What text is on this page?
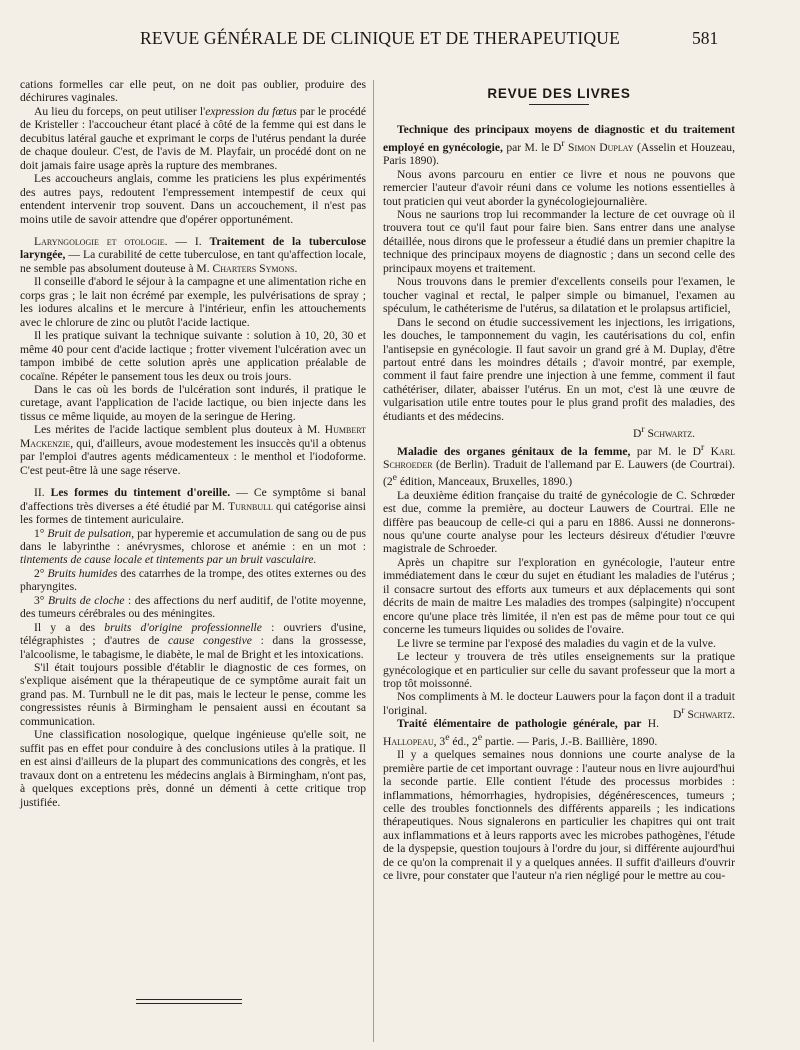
REVUE GÉNÉRALE DE CLINIQUE ET DE THERAPEUTIQUE	581

cations formelles car elle peut, on ne doit pas oublier, produire des déchirures vaginales.

Au lieu du forceps, on peut utiliser l'expression du fœtus par le procédé de Kristeller : l'accoucheur étant placé à côté de la femme qui est dans le decubitus latéral gauche et exprimant le corps de l'utérus pendant la durée de chaque douleur. C'est, de l'avis de M. Playfair, un procédé dont on ne doit jamais faire usage après la rupture des membranes.

Les accoucheurs anglais, comme les praticiens les plus expérimentés des autres pays, redoutent l'empressement intempestif de ceux qui entendent intervenir trop souvent. Dans un accouchement, il n'est pas moins utile de savoir attendre que d'opérer opportunément.

Laryngologie et otologie. — I. Traitement de la tuberculose laryngée, — La curabilité de cette tuberculose, en tant qu'affection locale, ne semble pas absolument douteuse à M. Charters Symons.

Il conseille d'abord le séjour à la campagne et une alimentation riche en corps gras ; le lait non écrémé par exemple, les pulvérisations de spray ; les iodures alcalins et le mercure à l'intérieur, enfin les attouchements avec le chlorure de zinc ou plutôt l'acide lactique.

Il les pratique suivant la technique suivante : solution à 10, 20, 30 et même 40 pour cent d'acide lactique ; frotter vivement l'ulcération avec un tampon imbibé de cette solution après une application préalable de cocaïne. Répéter le pansement tous les deux ou trois jours.

Dans le cas où les bords de l'ulcération sont indurés, il pratique le curetage, avant l'application de l'acide lactique, ou bien injecte dans les tissus ce même liquide, au moyen de la seringue de Hering.

Les mérites de l'acide lactique semblent plus douteux à M. Humbert Mackenzie, qui, d'ailleurs, avoue modestement les insuccès qu'il a obtenus par l'emploi d'autres agents médicamenteux : le menthol et l'iodoforme. C'est peut-être là une sage réserve.

II. Les formes du tintement d'oreille. — Ce symptôme si banal d'affections très diverses a été étudié par M. Turnbull qui catégorise ainsi les formes de tintement auriculaire.

1° Bruit de pulsation, par hyperemie et accumulation de sang ou de pus dans le labyrinthe : anévrysmes, chlorose et anémie : en un mot : tintements de cause locale et tintements par un bruit vasculaire.

2° Bruits humides des catarrhes de la trompe, des otites externes ou des pharyngites.

3° Bruits de cloche : des affections du nerf auditif, de l'otite moyenne, des tumeurs cérébrales ou des méningites.

Il y a des bruits d'origine professionnelle : ouvriers d'usine, télégraphistes ; d'autres de cause congestive : dans la grossesse, l'alcoolisme, le tabagisme, le diabète, le mal de Bright et les intoxications.

S'il était toujours possible d'établir le diagnostic de ces formes, on s'explique aisément que la thérapeutique de ce symptôme aurait fait un grand pas. M. Turnbull ne le dit pas, mais le lecteur le pense, comme les congressistes réunis à Birmingham le pensaient aussi en écoutant sa communication.

Une classification nosologique, quelque ingénieuse qu'elle soit, ne suffit pas en effet pour conduire à des conclusions utiles à la pratique. Il en est ainsi d'ailleurs de la plupart des communications des congrès, et les travaux dont on a entretenu les médecins anglais à Birmingham, n'ont pas, à quelques exceptions près, donné un démenti à cette critique trop justifiée.

REVUE DES LIVRES

Technique des principaux moyens de diagnostic et du traitement employé en gynécologie, par M. le $D^r$ Simon Duplay (Asselin et Houzeau, Paris 1890).

Nous avons parcouru en entier ce livre et nous ne pouvons que remercier l'auteur d'avoir réuni dans ce volume les notions essentielles à tout praticien qui veut aborder la gynécologiejournalière.

Nous ne saurions trop lui recommander la lecture de cet ouvrage où il trouvera tout ce qu'il faut pour faire bien. Sans entrer dans une analyse détaillée, nous dirons que le professeur a étudié dans un premier chapitre la technique des principaux moyens de diagnostic ; dans un second celle des principaux moyens et traitement.

Nous trouvons dans le premier d'excellents conseils pour l'examen, le toucher vaginal et rectal, le palper simple ou bimanuel, l'examen au spéculum, le cathéterisme de l'utérus, sa dilatation et le prolapsus artificiel,

Dans le second on étudie successivement les injections, les irrigations, les douches, le tamponnement du vagin, les cautérisations du col, enfin l'antisepsie en gynécologie. Il faut savoir un grand gré à M. Duplay, d'être partout entré dans les moindres détails ; d'avoir montré, par exemple, comment il faut faire prendre une injection à une femme, comment il faut cathétériser, dilater, abaisser l'utérus. En un mot, c'est là une œuvre de vulgarisation utile entre toutes pour le plus grand profit des maladies, des étudiants et des médecins.

$D^r$ Schwartz.

Maladie des organes génitaux de la femme, par M. le $D^r$ Karl Schroeder (de Berlin). Traduit de l'allemand par E. Lauwers (de Courtrai). (2e édition, Manceaux, Bruxelles, 1890.)

La deuxième édition française du traité de gynécologie de C. Schrœder est due, comme la première, au docteur Lauwers de Courtrai. Elle ne diffère pas beaucoup de celle-ci qui a paru en 1886. Aussi ne donnerons-nous qu'une courte analyse pour les lecteurs désireux d'étudier l'œuvre magistrale de Schroeder.

Après un chapitre sur l'exploration en gynécologie, l'auteur entre immédiatement dans le cœur du sujet en étudiant les maladies de l'utérus ; il consacre surtout des efforts aux tumeurs et aux déplacements qui sont décrits de main de maitre Les maladies des trompes (salpingite) n'occupent encore qu'une place très limitée, il n'en est pas de même pour tout ce qui concerne les tumeurs liquides ou solides de l'ovaire.

Le livre se termine par l'exposé des maladies du vagin et de la vulve.

Le lecteur y trouvera de très utiles enseignements sur la pratique gynécologique et en particulier sur celle du savant professeur que la mort a trop tôt moissonné.

Nos compliments à M. le docteur Lauwers pour la façon dont il a traduit l'original.	$D^r$ Schwartz.

Traité élémentaire de pathologie générale, par H. Hallopeau, 3e éd., 2e partie. — Paris, J.-B. Baillière, 1890.

Il y a quelques semaines nous donnions une courte analyse de la première partie de cet important ouvrage : l'auteur nous en livre aujourd'hui la seconde partie. Elle contient l'étude des processus morbides : inflammations, hémorrhagies, hydropisies, dégénérescences, tumeurs ; celle des troubles fonctionnels des différents appareils ; les indications thérapeutiques. Nous signalerons en particulier les chapitres qui ont trait aux inflammations et à leurs rapports avec les microbes pathogènes, l'étude de la dyspepsie, question toujours à l'ordre du jour, si différente aujourd'hui de ce qu'on la comprenait il y a quelques années. Il suffit d'ailleurs d'ouvrir ce livre, pour constater que l'auteur n'a rien négligé pour le mettre au cou-
